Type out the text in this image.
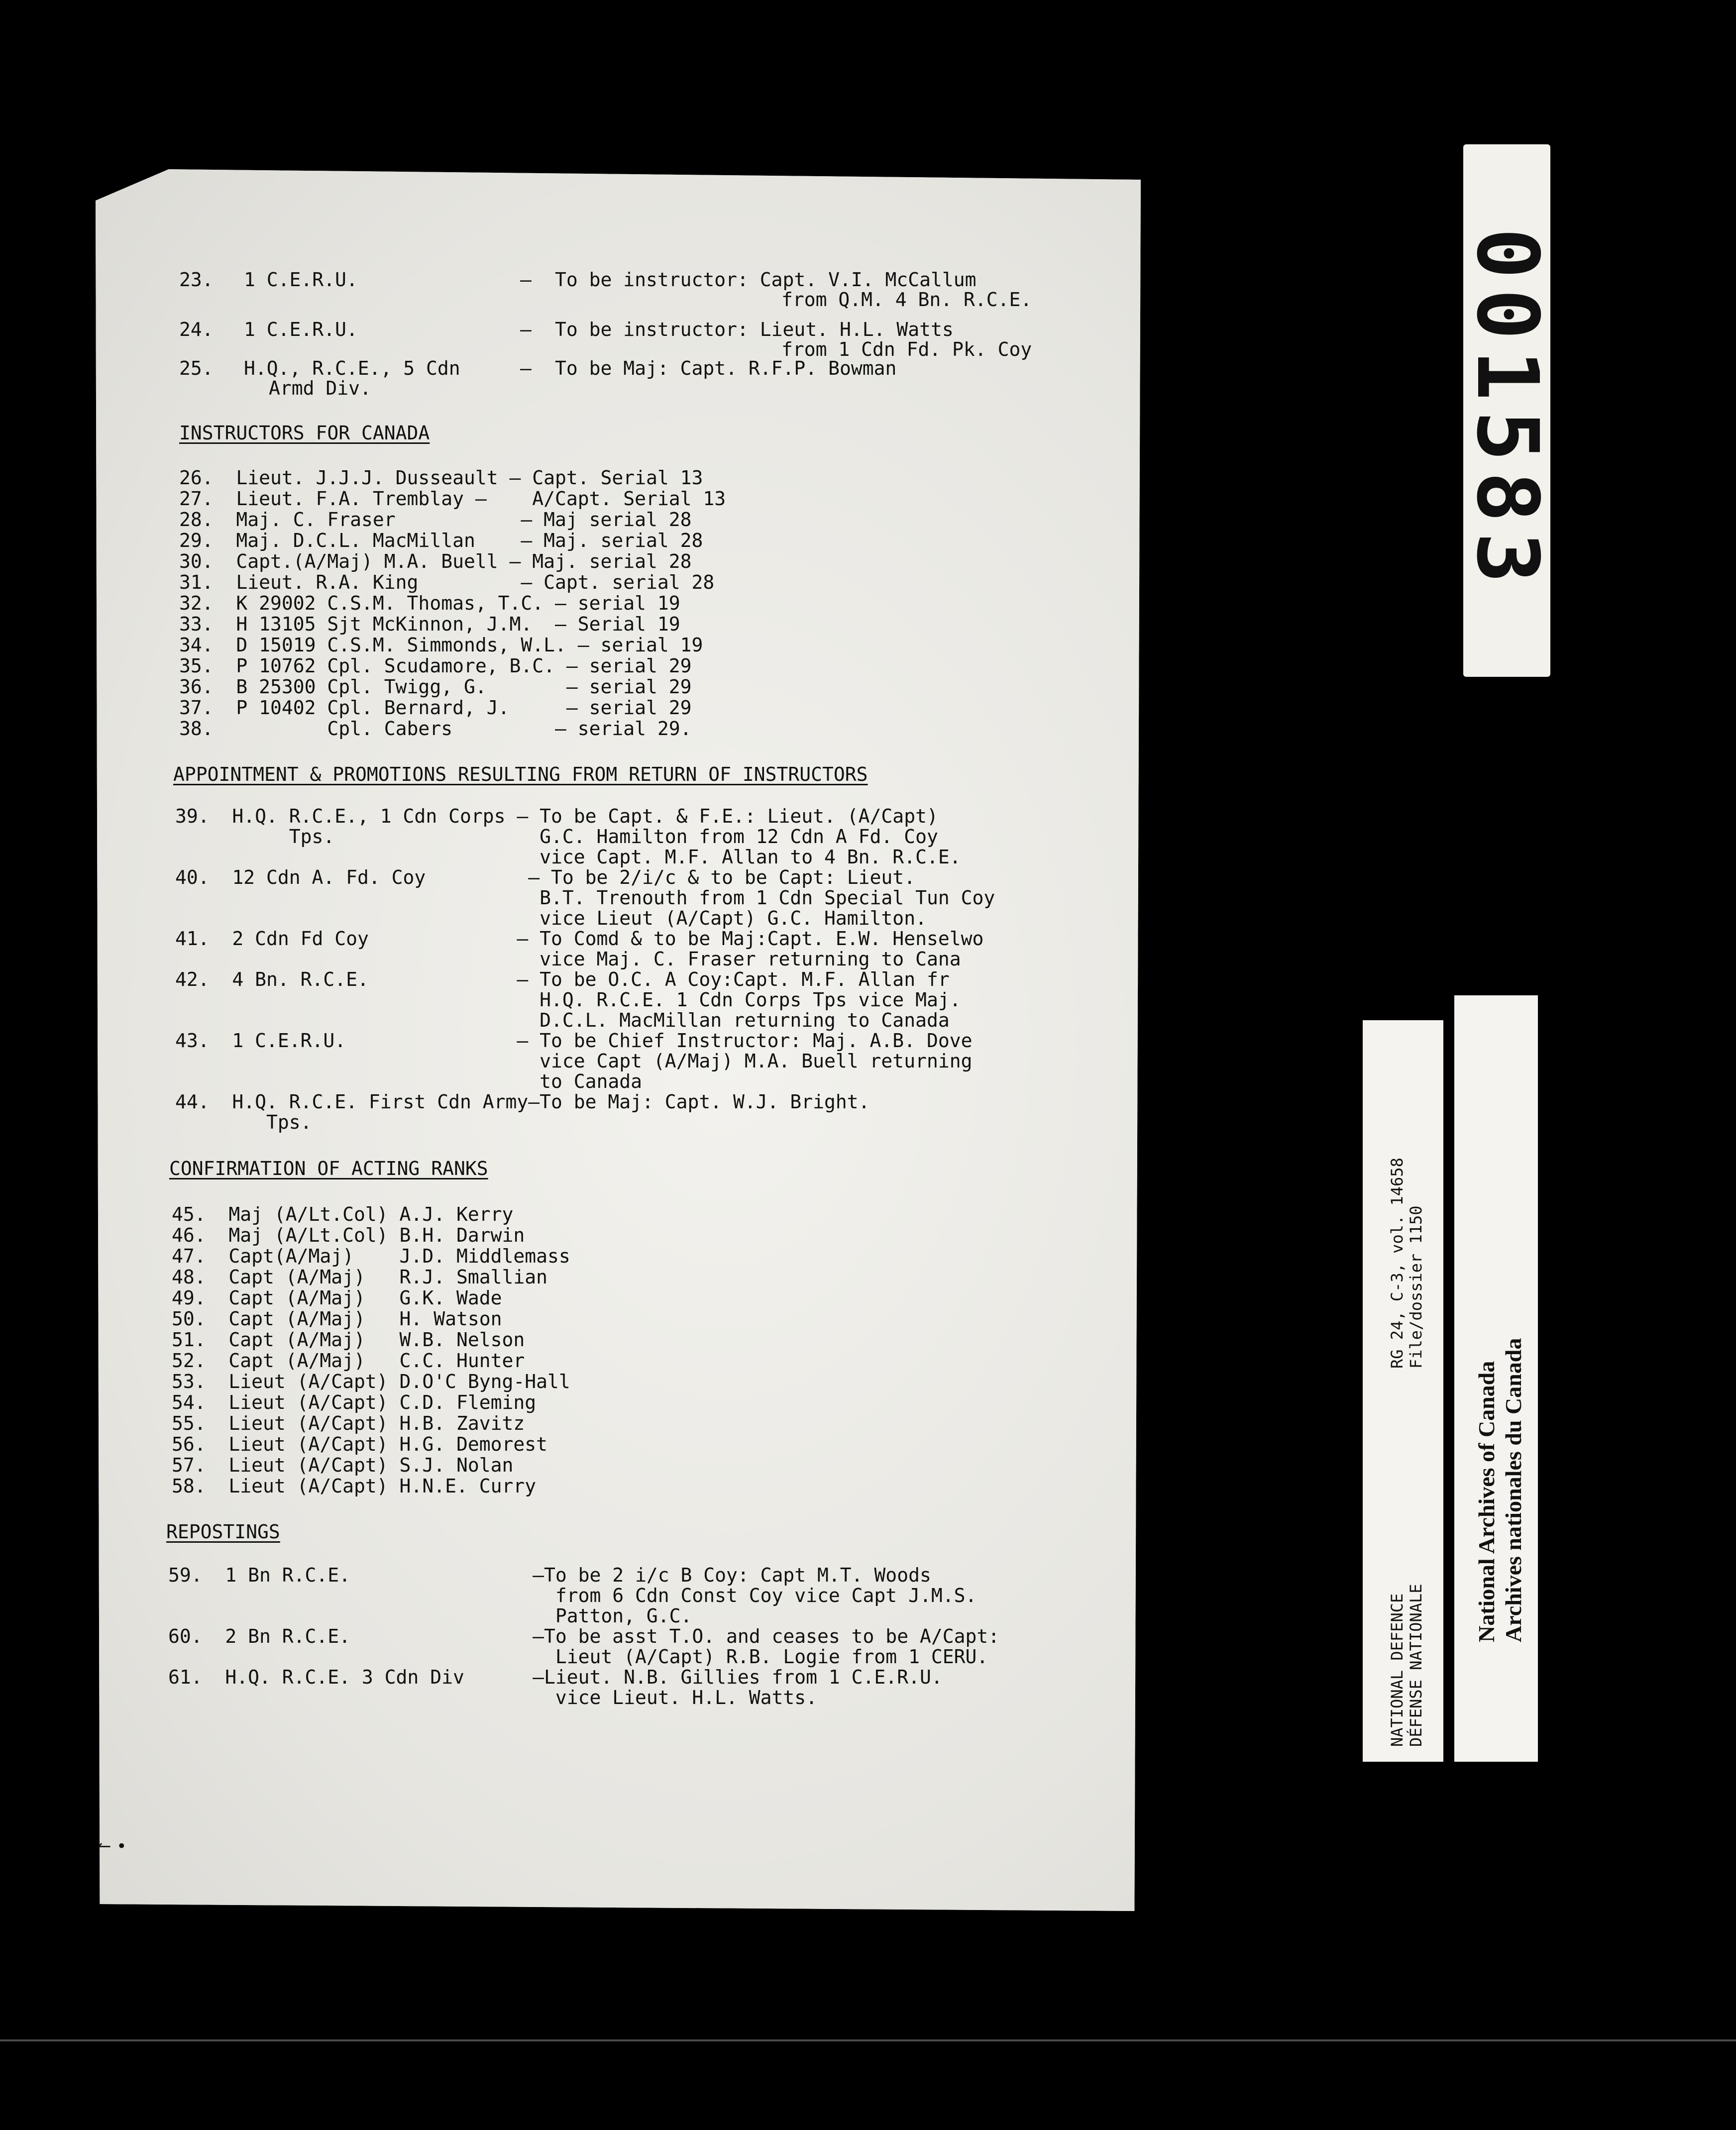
23. 1 C.E.R.U.	– To be instructor: Capt. V.I. McCallum
from Q.M. 4 Bn. R.C.E.
24. 1 C.E.R.U.	– To be instructor: Lieut. H.L. Watts
from 1 Cdn Fd. Pk. Coy
25. H.Q., R.C.E., 5 Cdn	– To be Maj: Capt. R.F.P. Bowman
Armd Div.
INSTRUCTORS FOR CANADA
26.  Lieut. J.J.J. Dusseault – Capt. Serial 13
27.  Lieut. F.A. Tremblay –    A/Capt. Serial 13
28.  Maj. C. Fraser           – Maj serial 28
29.  Maj. D.C.L. MacMillan    – Maj. serial 28
30.  Capt.(A/Maj) M.A. Buell – Maj. serial 28
31.  Lieut. R.A. King         – Capt. serial 28
32.  K 29002 C.S.M. Thomas, T.C. – serial 19
33.  H 13105 Sjt McKinnon, J.M.  – Serial 19
34.  D 15019 C.S.M. Simmonds, W.L. – serial 19
35.  P 10762 Cpl. Scudamore, B.C. – serial 29
36.  B 25300 Cpl. Twigg, G.       – serial 29
37.  P 10402 Cpl. Bernard, J.     – serial 29
38.          Cpl. Cabers         – serial 29.
APPOINTMENT & PROMOTIONS RESULTING FROM RETURN OF INSTRUCTORS
39.  H.Q. R.C.E., 1 Cdn Corps – To be Capt. & F.E.: Lieut. (A/Capt)
Tps.                  G.C. Hamilton from 12 Cdn A Fd. Coy
vice Capt. M.F. Allan to 4 Bn. R.C.E.
40.  12 Cdn A. Fd. Coy         – To be 2/i/c & to be Capt: Lieut.
B.T. Trenouth from 1 Cdn Special Tun Coy
vice Lieut (A/Capt) G.C. Hamilton.
41.  2 Cdn Fd Coy             – To Comd & to be Maj:Capt. E.W. Henselwo
vice Maj. C. Fraser returning to Cana
42.  4 Bn. R.C.E.             – To be O.C. A Coy:Capt. M.F. Allan fr
H.Q. R.C.E. 1 Cdn Corps Tps vice Maj.
D.C.L. MacMillan returning to Canada
43.  1 C.E.R.U.               – To be Chief Instructor: Maj. A.B. Dove
vice Capt (A/Maj) M.A. Buell returning
to Canada
44.  H.Q. R.C.E. First Cdn Army–To be Maj: Capt. W.J. Bright.
Tps.
CONFIRMATION OF ACTING RANKS
45.  Maj (A/Lt.Col) A.J. Kerry
46.  Maj (A/Lt.Col) B.H. Darwin
47.  Capt(A/Maj)    J.D. Middlemass
48.  Capt (A/Maj)   R.J. Smallian
49.  Capt (A/Maj)   G.K. Wade
50.  Capt (A/Maj)   H. Watson
51.  Capt (A/Maj)   W.B. Nelson
52.  Capt (A/Maj)   C.C. Hunter
53.  Lieut (A/Capt) D.O'C Byng-Hall
54.  Lieut (A/Capt) C.D. Fleming
55.  Lieut (A/Capt) H.B. Zavitz
56.  Lieut (A/Capt) H.G. Demorest
57.  Lieut (A/Capt) S.J. Nolan
58.  Lieut (A/Capt) H.N.E. Curry
REPOSTINGS
59.  1 Bn R.C.E.                –To be 2 i/c B Coy: Capt M.T. Woods
from 6 Cdn Const Coy vice Capt J.M.S.
Patton, G.C.
60.  2 Bn R.C.E.                –To be asst T.O. and ceases to be A/Capt:
Lieut (A/Capt) R.B. Logie from 1 CERU.
61.  H.Q. R.C.E. 3 Cdn Div      –Lieut. N.B. Gillies from 1 C.E.R.U.
vice Lieut. H.L. Watts.
↼ •
001583
NATIONAL DEFENCE DÉFENSE NATIONALE
RG 24, C-3, vol. 14658 File/dossier 1150
National Archives of Canada Archives nationales du Canada
